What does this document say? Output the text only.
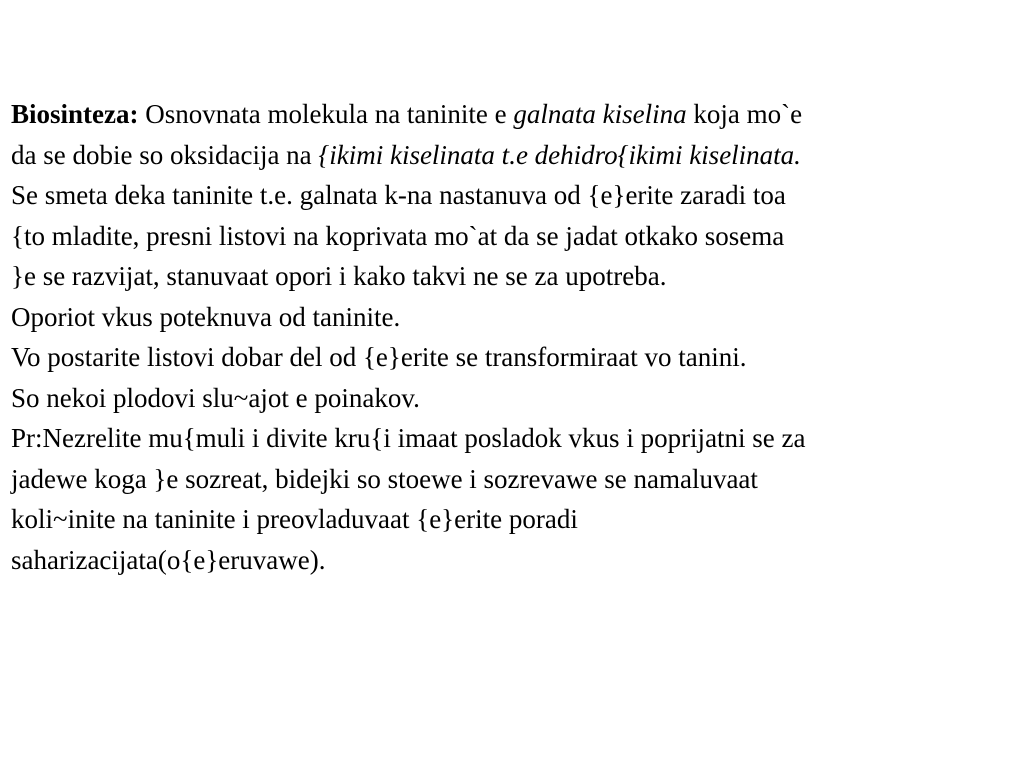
Biosinteza: Osnovnata molekula na taninite e galnata kiselina koja mo`e
da se dobie so oksidacija na {ikimi kiselinata t.e dehidro{ikimi kiselinata.
Se smeta deka taninite t.e. galnata k-na nastanuva od {e}erite zaradi toa
{to mladite, presni listovi na koprivata mo`at da se jadat otkako sosema
}e se razvijat, stanuvaat opori i kako takvi ne se za upotreba.
Oporiot vkus poteknuva od taninite.
Vo postarite listovi dobar del od {e}erite se transformiraat vo tanini.
So nekoi plodovi slu~ajot e poinakov.
Pr:Nezrelite mu{muli i divite kru{i imaat posladok vkus i poprijatni se za
jadewe koga }e sozreat, bidejki so stoewe i sozrevawe se namaluvaat
koli~inite na taninite i preovladuvaat {e}erite poradi
saharizacijata(o{e}eruvawe).
